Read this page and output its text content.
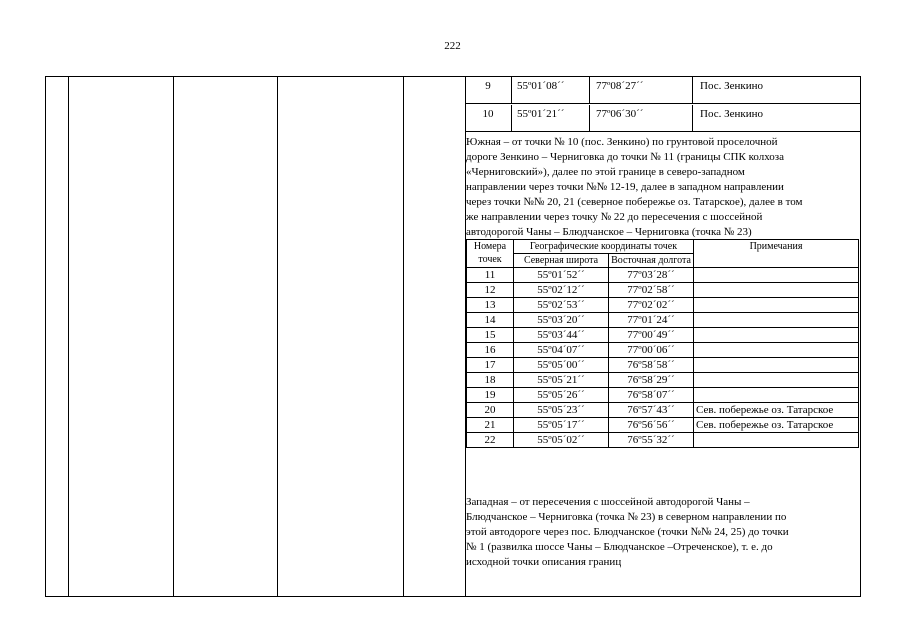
222
9	55º01´08´´	77º08´27´´	Пос. Зенкино
10	55º01´21´´	77º06´30´´	Пос. Зенкино
Южная – от точки № 10 (пос. Зенкино) по грунтовой проселочной
дороге Зенкино – Черниговка до точки № 11 (границы СПК колхоза
«Черниговский»), далее по этой границе в северо-западном
направлении через точки №№ 12-19, далее в западном направлении
через точки №№ 20, 21 (северное побережье оз. Татарское), далее в том
же направлении через точку № 22 до пересечения с шоссейной
автодорогой Чаны – Блюдчанское – Черниговка (точка № 23)
Номера точек	Географические координаты точек		Примечания
	Северная широта	Восточная долгота	
11	55º01´52´´	77º03´28´´	
12	55º02´12´´	77º02´58´´	
13	55º02´53´´	77º02´02´´	
14	55º03´20´´	77º01´24´´	
15	55º03´44´´	77º00´49´´	
16	55º04´07´´	77º00´06´´	
17	55º05´00´´	76º58´58´´	
18	55º05´21´´	76º58´29´´	
19	55º05´26´´	76º58´07´´	
20	55º05´23´´	76º57´43´´	Сев. побережье оз. Татарское
21	55º05´17´´	76º56´56´´	Сев. побережье оз. Татарское
22	55º05´02´´	76º55´32´´	
Западная – от пересечения с шоссейной автодорогой Чаны –
Блюдчанское – Черниговка (точка № 23) в северном направлении по
этой автодороге через пос. Блюдчанское (точки №№ 24, 25) до точки
№ 1 (развилка шоссе Чаны – Блюдчанское –Отреченское), т. е. до
исходной точки описания границ
